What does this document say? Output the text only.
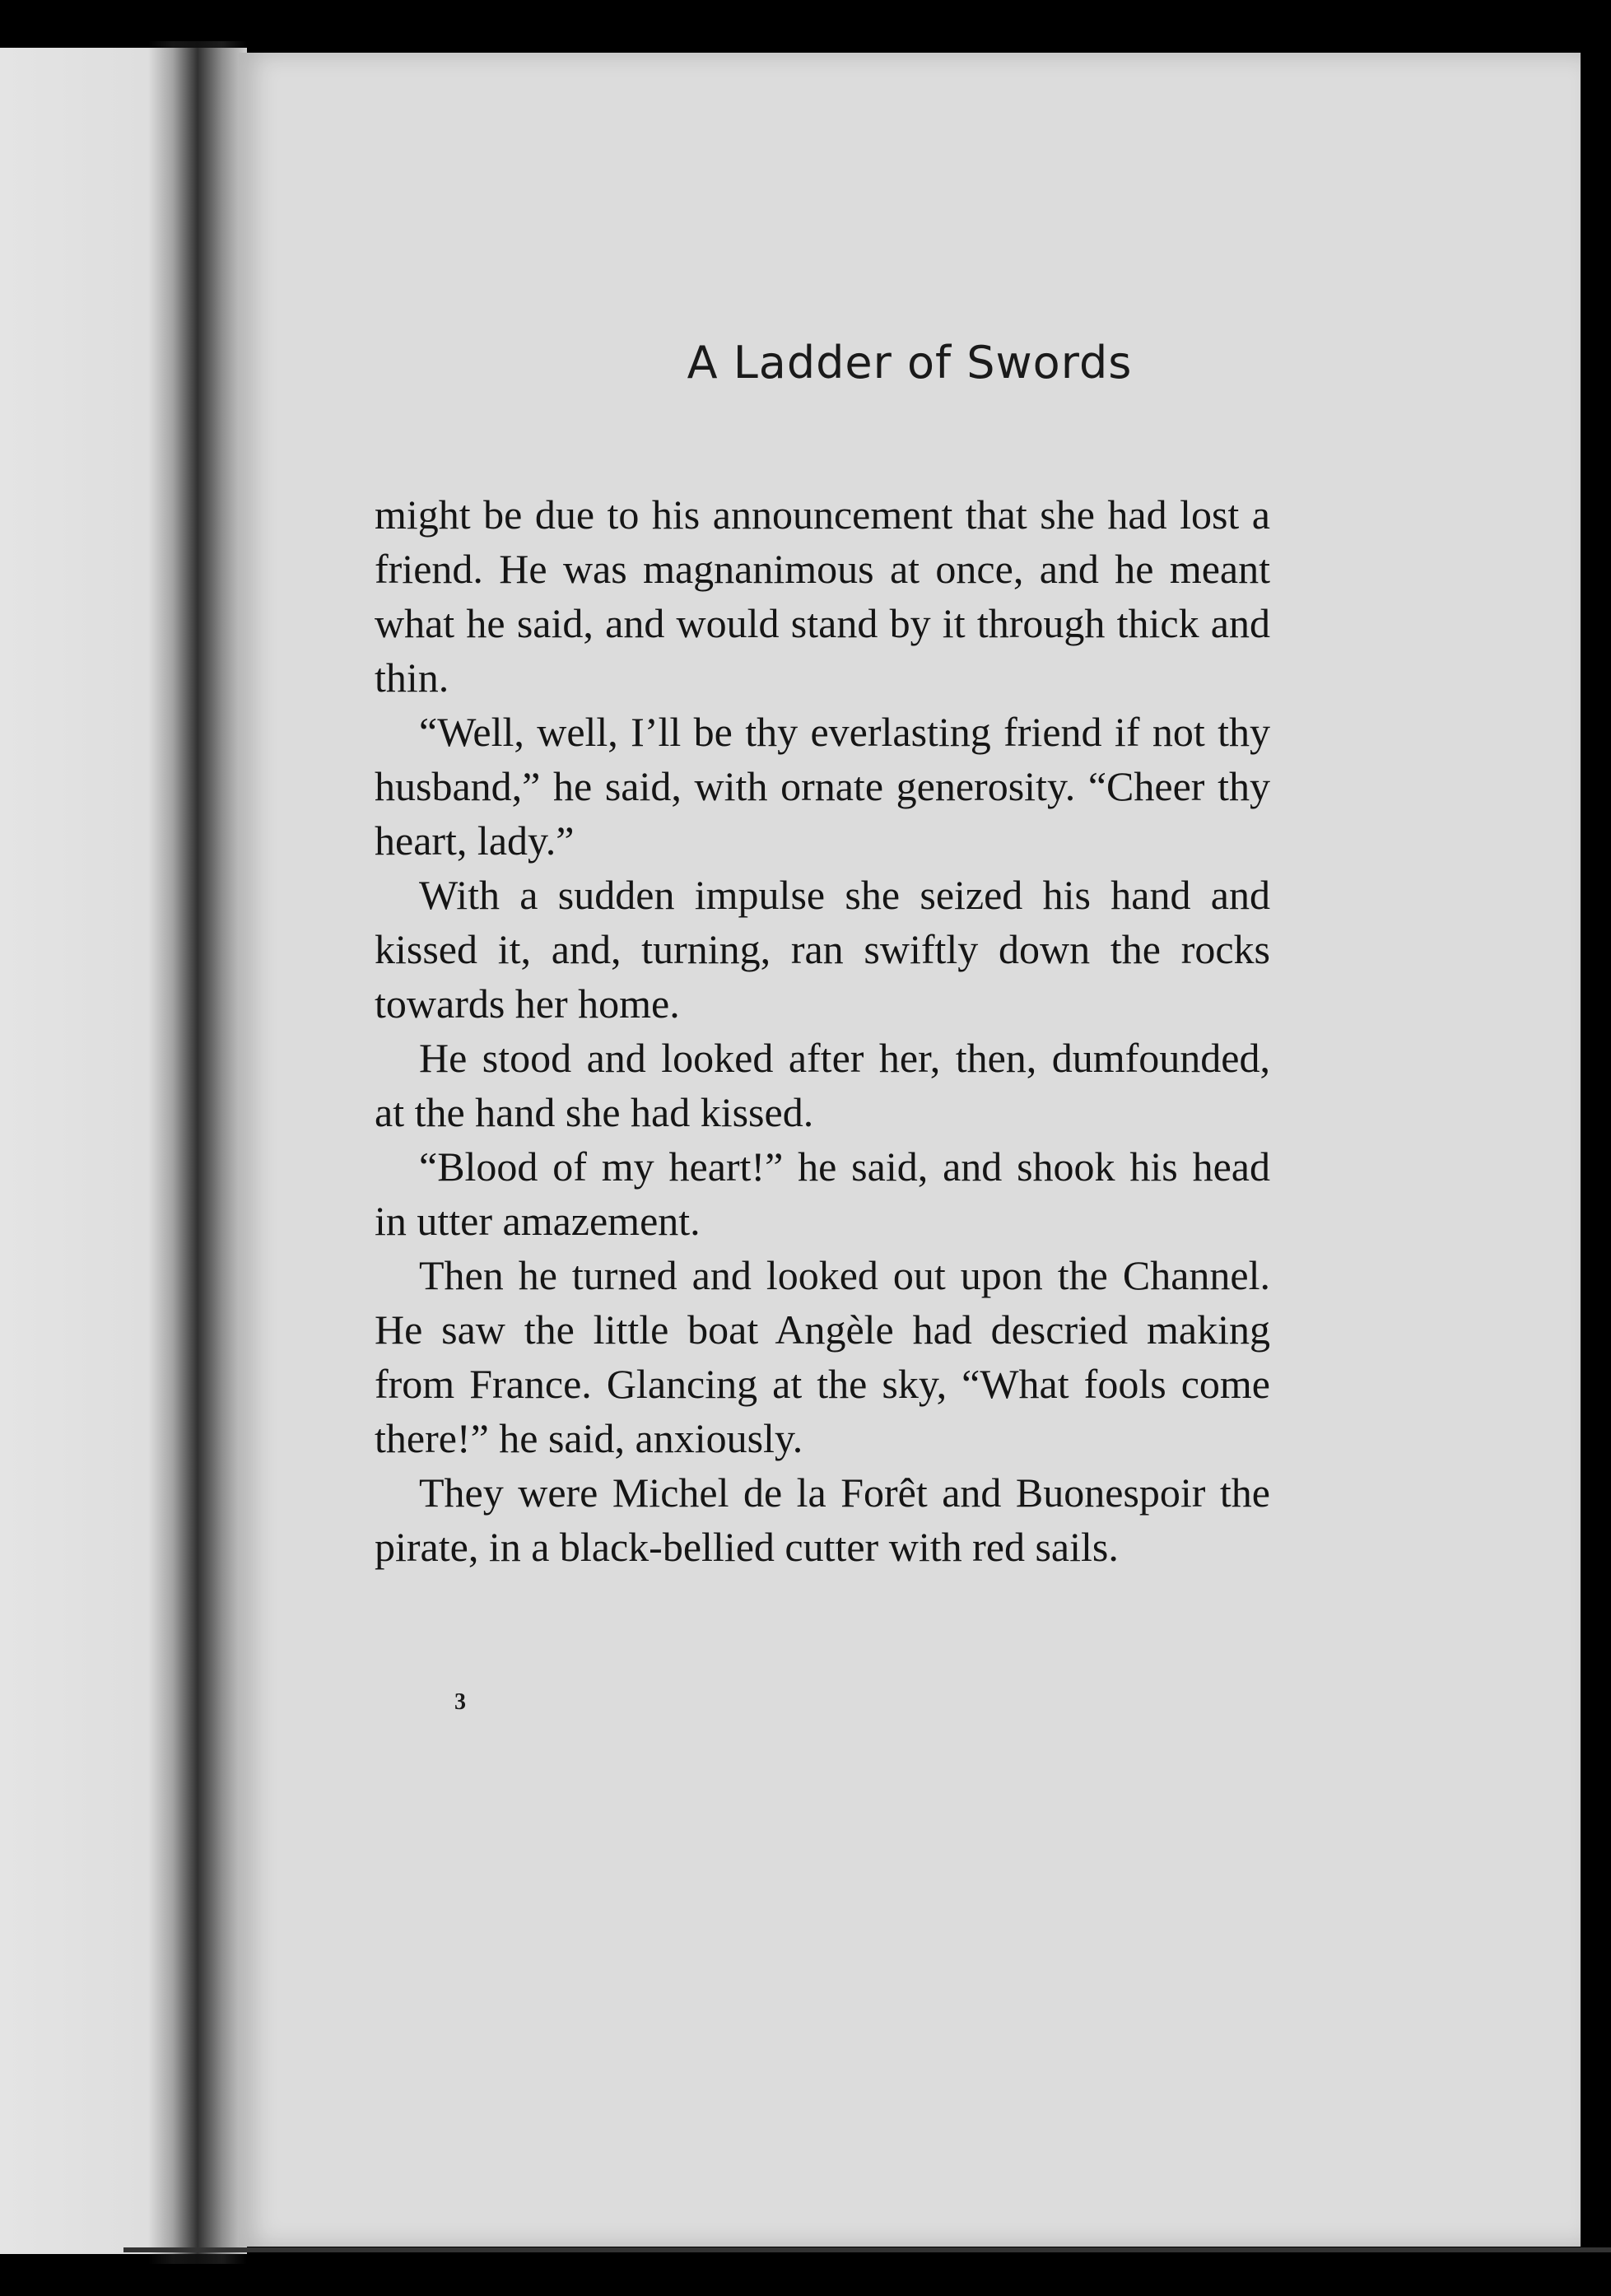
A Ladder of Swords

might be due to his announcement that she had lost a friend. He was magnanimous at once, and he meant what he said, and would stand by it through thick and thin.

“Well, well, I’ll be thy everlasting friend if not thy husband,” he said, with ornate generosity. “Cheer thy heart, lady.”

With a sudden impulse she seized his hand and kissed it, and, turning, ran swiftly down the rocks towards her home.

He stood and looked after her, then, dumfounded, at the hand she had kissed.

“Blood of my heart!” he said, and shook his head in utter amazement.

Then he turned and looked out upon the Channel. He saw the little boat Angèle had descried making from France. Glancing at the sky, “What fools come there!” he said, anxiously.

They were Michel de la Forêt and Buonespoir the pirate, in a black-bellied cutter with red sails.

3
